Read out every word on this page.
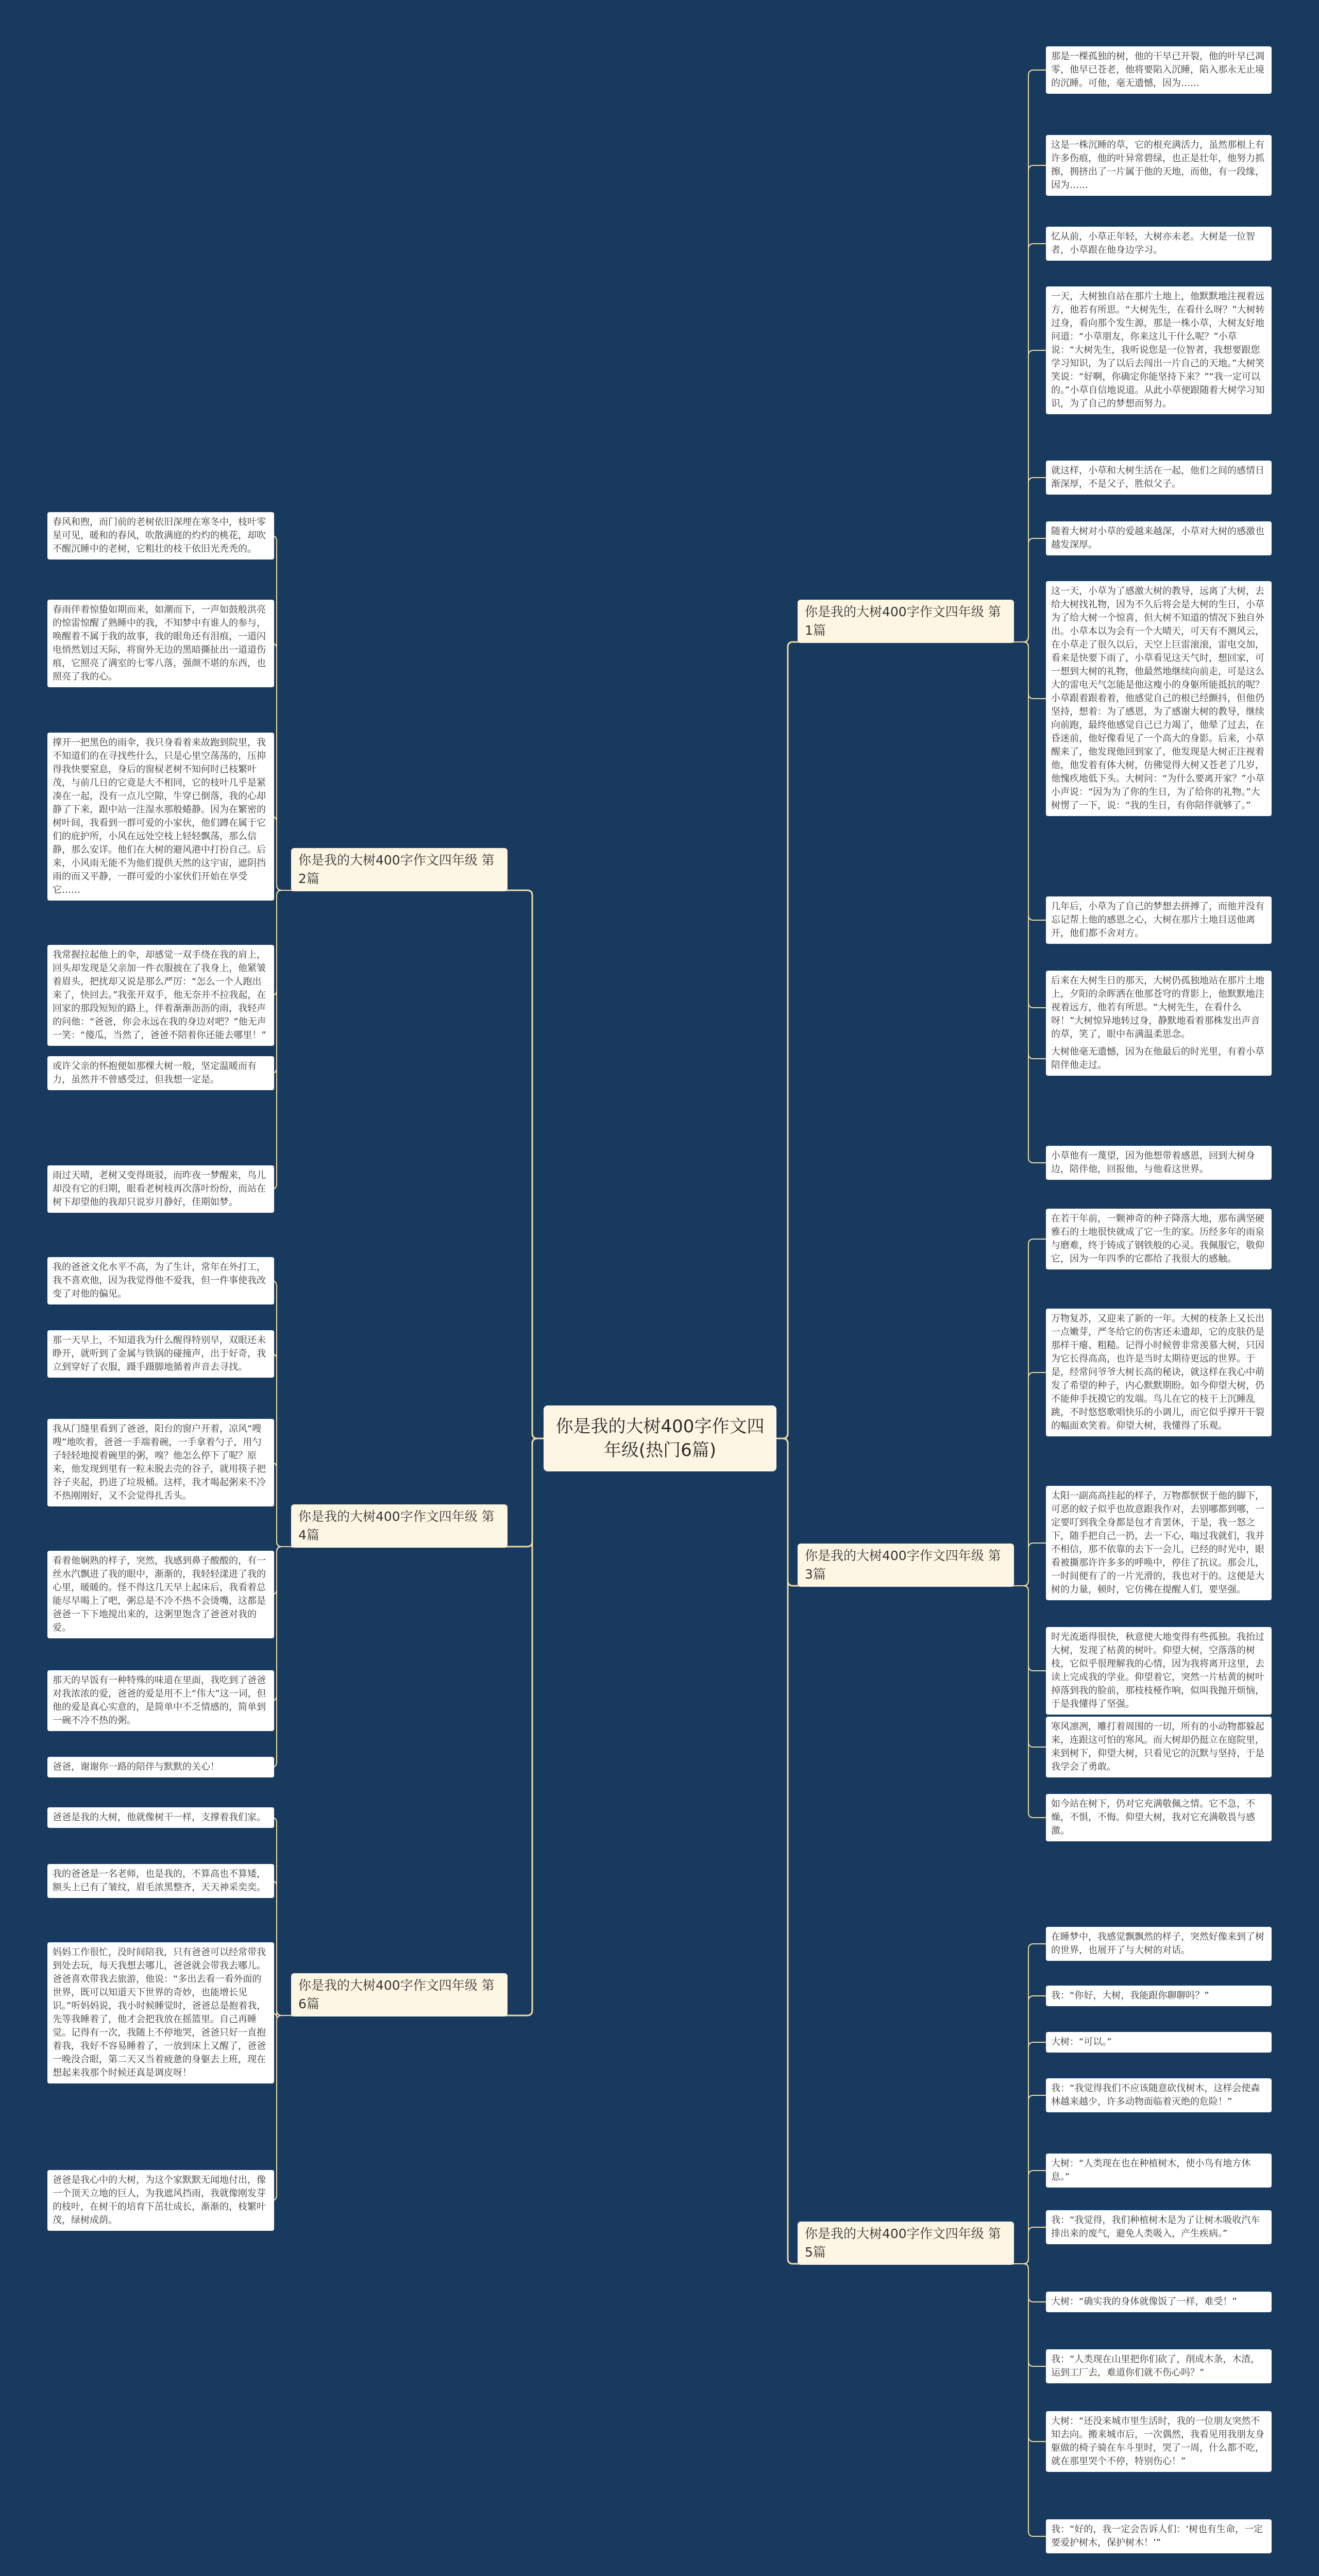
你是我的大树400字作文四年级(热门6篇)
你是我的大树400字作文四年级 第1篇
那是一棵孤独的树，他的干早已开裂，他的叶早已凋零，他早已苍老，他将要陷入沉睡，陷入那永无止境的沉睡。可他，毫无遗憾，因为……
这是一株沉睡的草，它的根充满活力，虽然那根上有许多伤痕，他的叶异常碧绿，也正是壮年，他努力抓擦，拥挤出了一片属于他的天地，而他，有一段缘，因为……
忆从前，小草正年轻，大树亦未老。大树是一位智者，小草跟在他身边学习。
一天，大树独自站在那片土地上，他默默地注视着远方，他若有所思。“大树先生，在看什么呀？”大树转过身，看向那个发生源，那是一株小草，大树友好地问道：“小草朋友，你来这儿干什么呢？”小草说：“大树先生，我听说您是一位智者，我想要跟您学习知识，为了以后去闯出一片自己的天地。”大树笑笑说：“好啊，你确定你能坚持下来？”“我一定可以的。”小草自信地说道。从此小草便跟随着大树学习知识，为了自己的梦想而努力。
就这样，小草和大树生活在一起，他们之间的感情日渐深厚，不是父子，胜似父子。
随着大树对小草的爱越来越深，小草对大树的感激也越发深厚。
这一天，小草为了感激大树的教导，远离了大树，去给大树找礼物，因为不久后将会是大树的生日，小草为了给大树一个惊喜，但大树不知道的情况下独自外出。小草本以为会有一个大晴天，可天有不测风云，在小草走了很久以后，天空上巨雷滚滚，雷电交加，看来是快要下雨了，小草看见这天气时，想回家，可一想到大树的礼物，他最然地继续向前走，可是这么大的雷电天气怎能是他这瘦小的身躯所能抵抗的呢？小草跟着跟着着，他感觉自己的根已经颤抖，但他仍坚持，想着：为了感恩，为了感谢大树的教导，继续向前跑，最终他感觉自己已力竭了，他晕了过去，在昏迷前，他好像看见了一个高大的身影。后来，小草醒来了，他发现他回到家了，他发现是大树正注视着他，他发着有体大树，仿佛觉得大树又苍老了几岁，他愧疚地低下头。大树问：“为什么要离开家？”小草小声说：“因为为了你的生日，为了给你的礼物。”大树愣了一下，说：“我的生日，有你陪伴就够了。”
几年后，小草为了自己的梦想去拼搏了，而他并没有忘记帮上他的感恩之心，大树在那片土地目送他离开，他们都不舍对方。
后来在大树生日的那天，大树仍孤独地站在那片土地上，夕阳的余晖洒在他那苍穹的背影上，他默默地注视着远方，他若有所思。“大树先生，在看什么呀！”大树惊异地转过身，静默地看着那株发出声音的草，笑了，眼中布满温柔思念。
大树他毫无遗憾，因为在他最后的时光里，有着小草陪伴他走过。
小草他有一蔑望，因为他想带着感恩，回到大树身边，陪伴他，回报他，与他看这世界。
你是我的大树400字作文四年级 第2篇
春风和煦，而门前的老树依旧深埋在寒冬中，枝叶零星可见，暖和的春风，吹散满庭的灼灼的桃花，却吹不醒沉睡中的老树，它粗壮的枝干依旧光秃秃的。
春雨伴着惊蛰如期而来，如潮而下，一声如鼓般洪亮的惊雷惊醒了熟睡中的我，不知梦中有谁人的参与，唤醒着不属于我的故事，我的眼角还有泪痕，一道闪电悄然划过天际，将窗外无边的黑暗撕扯出一道道伤痕，它照亮了满室的七零八落，强颜不堪的东西，也照亮了我的心。
撑开一把黑色的雨伞，我只身看着来故跑到院里，我不知道们的在寻找些什么，只是心里空荡荡的，压抑得我快要窒息，身后的窗棂老树不知何时已枝繁叶茂，与前几日的它竟是大不相同，它的枝叶几乎是紧凑在一起，没有一点儿空隙，牛穿已倒落，我的心却静了下来，跟中站一注湿水那般蜷静。因为在繁密的树叶间，我看到一群可爱的小家伙，他们蹲在属于它们的庇护所，小风在远处空枝上轻轻飘荡，那么信静，那么安详。他们在大树的避风港中打扮自己。后来，小风雨无能不为他们提供天然的这宇宙，遮阴挡雨的而又平静，一群可爱的小家伙们开始在享受它……
我常握拉起他上的伞，却感觉一双手绕在我的肩上，回头却发现是父亲加一件衣服披在了我身上，他紧皱着眉头，把扰却又说是那么严厉：“怎么一个人跑出来了，快回去。”我张开双手，他无奈并不拉我起，在回家的那段短短的路上，伴着渐渐沥沥的雨，我轻声的问他：“爸爸，你会永远在我的身边对吧？”他无声一笑：“傻瓜，当然了，爸爸不陪着你还能去哪里！”
或许父亲的怀抱便如那棵大树一般，坚定温暖而有力，虽然并不曾感受过，但我想一定是。
雨过天晴，老树又变得斑驳，而昨夜一梦醒来，鸟儿却没有它的归期，眼看老树枝再次落叶纷纷，而站在树下却望他的我却只说岁月静好，佳期如梦。
你是我的大树400字作文四年级 第3篇
在若干年前，一颗神奇的种子降落大地，那布满坚硬雅石的土地很快就成了它一生的家。历经多年的雨泉与磨难，终于铸成了钢铁般的心灵。我佩服它，敬仰它，因为一年四季的它都给了我很大的感触。
万物复苏，又迎来了新的一年。大树的枝条上又长出一点嫩芽，严冬给它的伤害还未遗却，它的皮肤仍是那样干瘪、粗糙。记得小时候曾非常羡慕大树，只因为它长得高高，也许是当时太期待更远的世界。于是，经常问爷爷大树长高的秘诀，就这样在我心中萌发了希望的种子，内心默默期盼。如今仰望大树，仍不能伸手抚摸它的发端。鸟儿在它的枝干上沉睡乱跳，不时悠悠歌唱快乐的小调儿，而它似乎撑开干裂的幅面欢笑着。仰望大树，我懂得了乐观。
太阳一副高高挂起的样子，万物都恹恹于他的脚下，可恶的蚊子似乎也故意跟我作对，去别哪都到哪，一定要叮到我全身都是包才肯罢休，于是，我一怒之下，随手把自己一扔，去一下心，嗡过我就们，我并不相信，那不依靠的去下一会儿，已经的时光中，眼看被撕那许许多多的呼唤中，停住了抗议。那会儿，一时间便有了的一片光滑的，我也对于的。这便是大树的力量，顿时，它仿佛在提醒人们，要坚强。
时光流逝得很快，秋意使大地变得有些孤独。我抬过大树，发现了枯黄的树叶。仰望大树，空落落的树枝，它似乎很理解我的心情，因为我将离开这里，去读上完成我的学业。仰望着它，突然一片枯黄的树叶掉落到我的脸前，那枝枝桠作响，似叫我抛开烦恼，于是我懂得了坚强。
寒风凛冽，雕打着周围的一切，所有的小动物都躲起来，连跟这可怕的寒风。而大树却仍挺立在庭院里，来到树下，仰望大树，只看见它的沉默与坚持，于是我学会了勇敢。
如今站在树下，仍对它充满敬佩之情。它不急，不燥，不惧，不悔。仰望大树，我对它充满敬畏与感激。
你是我的大树400字作文四年级 第4篇
我的爸爸文化水平不高，为了生计，常年在外打工，我不喜欢他，因为我觉得他不爱我，但一件事使我改变了对他的偏见。
那一天早上，不知道我为什么醒得特别早，双眼还未睁开，就听到了金属与铁锅的碰撞声，出于好奇，我立到穿好了衣服，蹑手蹑脚地循着声音去寻找。
我从门缝里看到了爸爸，阳台的窗户开着，凉风“嗖嗖”地吹着，爸爸一手端着碗，一手拿着勺子，用勺子轻轻地搅着碗里的粥，嗅？他怎么停下了呢？原来，他发现到里有一粒未脱去壳的谷子，就用筷子把谷子夹起，扔进了垃圾桶。这样，我才喝起粥来不冷不热刚刚好，又不会觉得扎舌头。
看着他娴熟的样子，突然，我感到鼻子酸酸的，有一丝水汽飘进了我的眼中，渐渐的，我轻轻漾进了我的心里，暖暖的。怪不得这几天早上起床后，我看着总能尽早喝上了吧，粥总是不冷不热不会烫嘴，这都是爸爸一下下地搅出来的，这粥里饱含了爸爸对我的爱。
那天的早饭有一种特殊的味道在里面，我吃到了爸爸对我浓浓的爱，爸爸的爱是用不上“伟大”这一词，但他的爱是真心实意的，是简单中不乏情感的，简单到一碗不冷不热的粥。
爸爸，谢谢你一路的陪伴与默默的关心！
你是我的大树400字作文四年级 第5篇
在睡梦中，我感觉飘飘然的样子，突然好像来到了树的世界，也展开了与大树的对话。
我：“你好，大树，我能跟你聊聊吗？”
大树：“可以。”
我：“我觉得我们不应该随意砍伐树木，这样会使森林越来越少，许多动物面临着灭绝的危险！”
大树：“人类现在也在种植树木，使小鸟有地方休息。”
我：“我觉得，我们种植树木是为了让树木吸收汽车排出来的废气，避免人类吸入，产生疾病。”
大树：“确实我的身体就像饭了一样，难受！”
我：“人类现在山里把你们砍了，削成木条，木渣，运到工厂去，难道你们就不伤心吗？”
大树：“还没来城市里生活时，我的一位朋友突然不知去向。搬来城市后，一次偶然，我看见用我朋友身躯做的椅子骑在车斗里时，哭了一周，什么都不吃，就在那里哭个不停，特别伤心！”
我：“好的，我一定会告诉人们：‘树也有生命，一定要爱护树木，保护树木！’”
你是我的大树400字作文四年级 第6篇
爸爸是我的大树，他就像树干一样，支撑着我们家。
我的爸爸是一名老师，也是我的，不算高也不算矮，额头上已有了皱纹，眉毛浓黑整齐，天天神采奕奕。
妈妈工作很忙，没时间陪我，只有爸爸可以经常带我到处去玩，每天我想去哪儿，爸爸就会带我去哪儿。爸爸喜欢带我去旅游，他说：“多出去看一看外面的世界，既可以知道天下世界的奇妙，也能增长见识。”听妈妈说，我小时候睡觉时，爸爸总是抱着我，先等我睡着了，他才会把我放在摇篮里。自己再睡觉。记得有一次，我随上不停地哭，爸爸只好一直抱着我，我好不容易睡着了，一放到床上又醒了，爸爸一晚没合眼，第二天又当着疲惫的身躯去上班，现在想起来我那个时候还真是调皮呀！
爸爸是我心中的大树，为这个家默默无闻地付出，像一个顶天立地的巨人，为我遮风挡雨，我就像刚发芽的枝叶，在树干的培育下茁壮成长，渐渐的，枝繁叶茂，绿树成荫。
